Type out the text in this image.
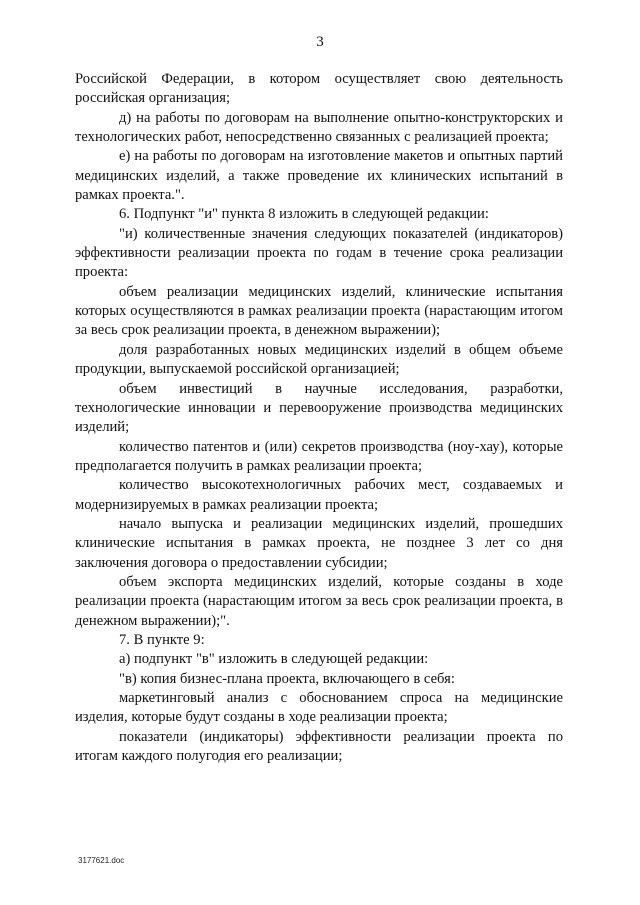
3

Российской Федерации, в котором осуществляет свою деятельность российская организация;

д) на работы по договорам на выполнение опытно-конструкторских и технологических работ, непосредственно связанных с реализацией проекта;

е) на работы по договорам на изготовление макетов и опытных партий медицинских изделий, а также проведение их клинических испытаний в рамках проекта.".

6. Подпункт "и" пункта 8 изложить в следующей редакции:

"и) количественные значения следующих показателей (индикаторов) эффективности реализации проекта по годам в течение срока реализации проекта:

объем реализации медицинских изделий, клинические испытания которых осуществляются в рамках реализации проекта (нарастающим итогом за весь срок реализации проекта, в денежном выражении);

доля разработанных новых медицинских изделий в общем объеме продукции, выпускаемой российской организацией;

объем инвестиций в научные исследования, разработки, технологические инновации и перевооружение производства медицинских изделий;

количество патентов и (или) секретов производства (ноу-хау), которые предполагается получить в рамках реализации проекта;

количество высокотехнологичных рабочих мест, создаваемых и модернизируемых в рамках реализации проекта;

начало выпуска и реализации медицинских изделий, прошедших клинические испытания в рамках проекта, не позднее 3 лет со дня заключения договора о предоставлении субсидии;

объем экспорта медицинских изделий, которые созданы в ходе реализации проекта (нарастающим итогом за весь срок реализации проекта, в денежном выражении);".

7. В пункте 9:

а) подпункт "в" изложить в следующей редакции:

"в) копия бизнес-плана проекта, включающего в себя:

маркетинговый анализ с обоснованием спроса на медицинские изделия, которые будут созданы в ходе реализации проекта;

показатели (индикаторы) эффективности реализации проекта по итогам каждого полугодия его реализации;

3177621.doc
